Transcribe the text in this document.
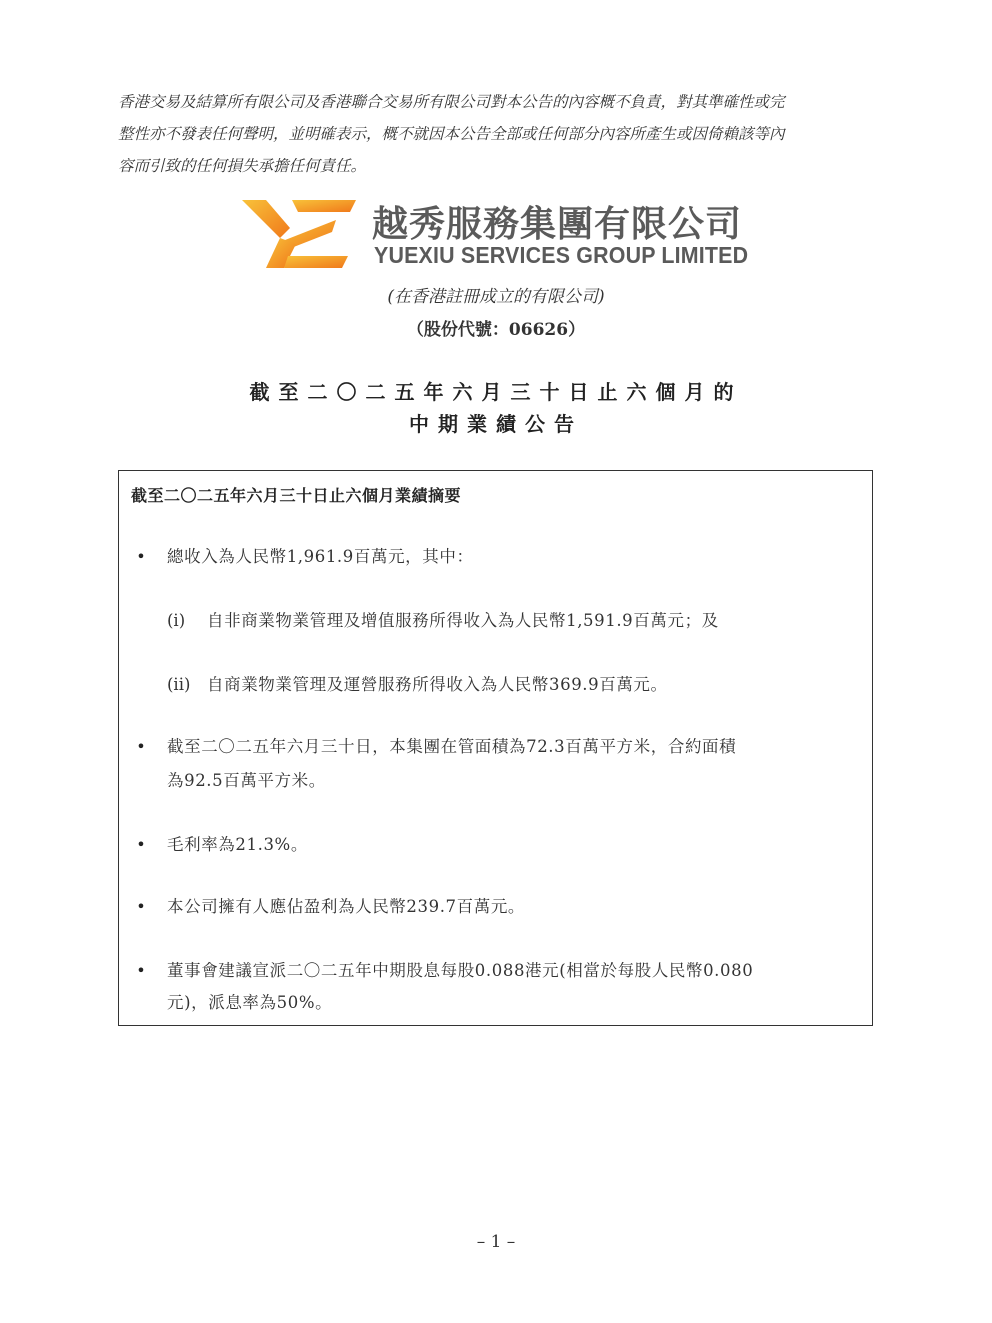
香港交易及結算所有限公司及香港聯合交易所有限公司對本公告的內容概不負責，對其準確性或完

整性亦不發表任何聲明，並明確表示，概不就因本公告全部或任何部分內容所產生或因倚賴該等內

容而引致的任何損失承擔任何責任。

越秀服務集團有限公司
YUEXIU SERVICES GROUP LIMITED
(在香港註冊成立的有限公司)
（股份代號：06626）
截至二〇二五年六月三十日止六個月的
中期業績公告
截至二〇二五年六月三十日止六個月業績摘要
•	總收入為人民幣1,961.9百萬元，其中：
(i) 自非商業物業管理及增值服務所得收入為人民幣1,591.9百萬元；及
(ii) 自商業物業管理及運營服務所得收入為人民幣369.9百萬元。
•	截至二〇二五年六月三十日，本集團在管面積為72.3百萬平方米，合約面積
為92.5百萬平方米。
•	毛利率為21.3%。
•	本公司擁有人應佔盈利為人民幣239.7百萬元。
•	董事會建議宣派二〇二五年中期股息每股0.088港元(相當於每股人民幣0.080
元)，派息率為50%。
– 1 –
